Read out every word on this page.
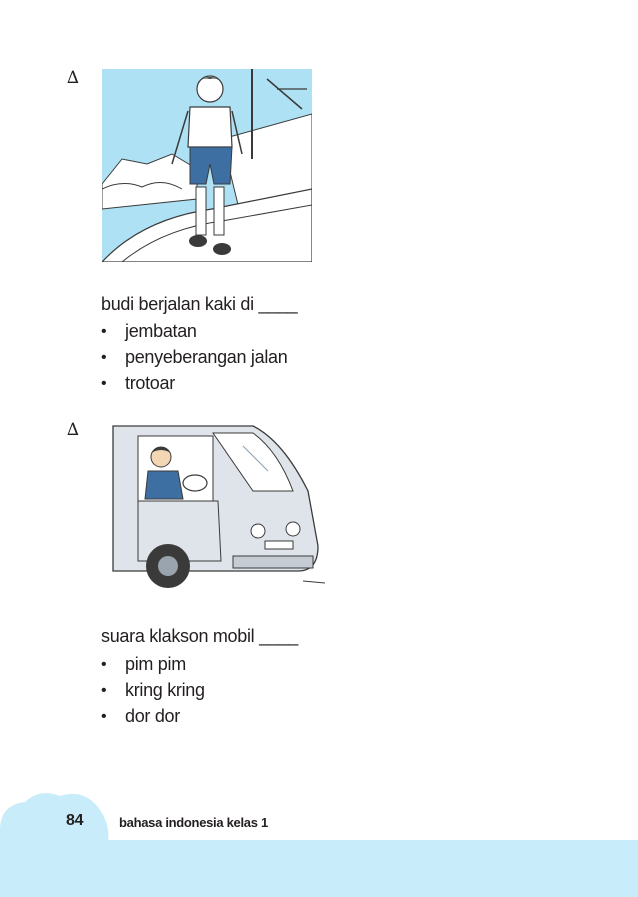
∆
budi berjalan kaki di ____
•	jembatan
•	penyeberangan jalan
•	trotoar
∆
suara klakson mobil ____
•	pim pim
•	kring kring
•	dor dor
84	bahasa indonesia kelas 1
